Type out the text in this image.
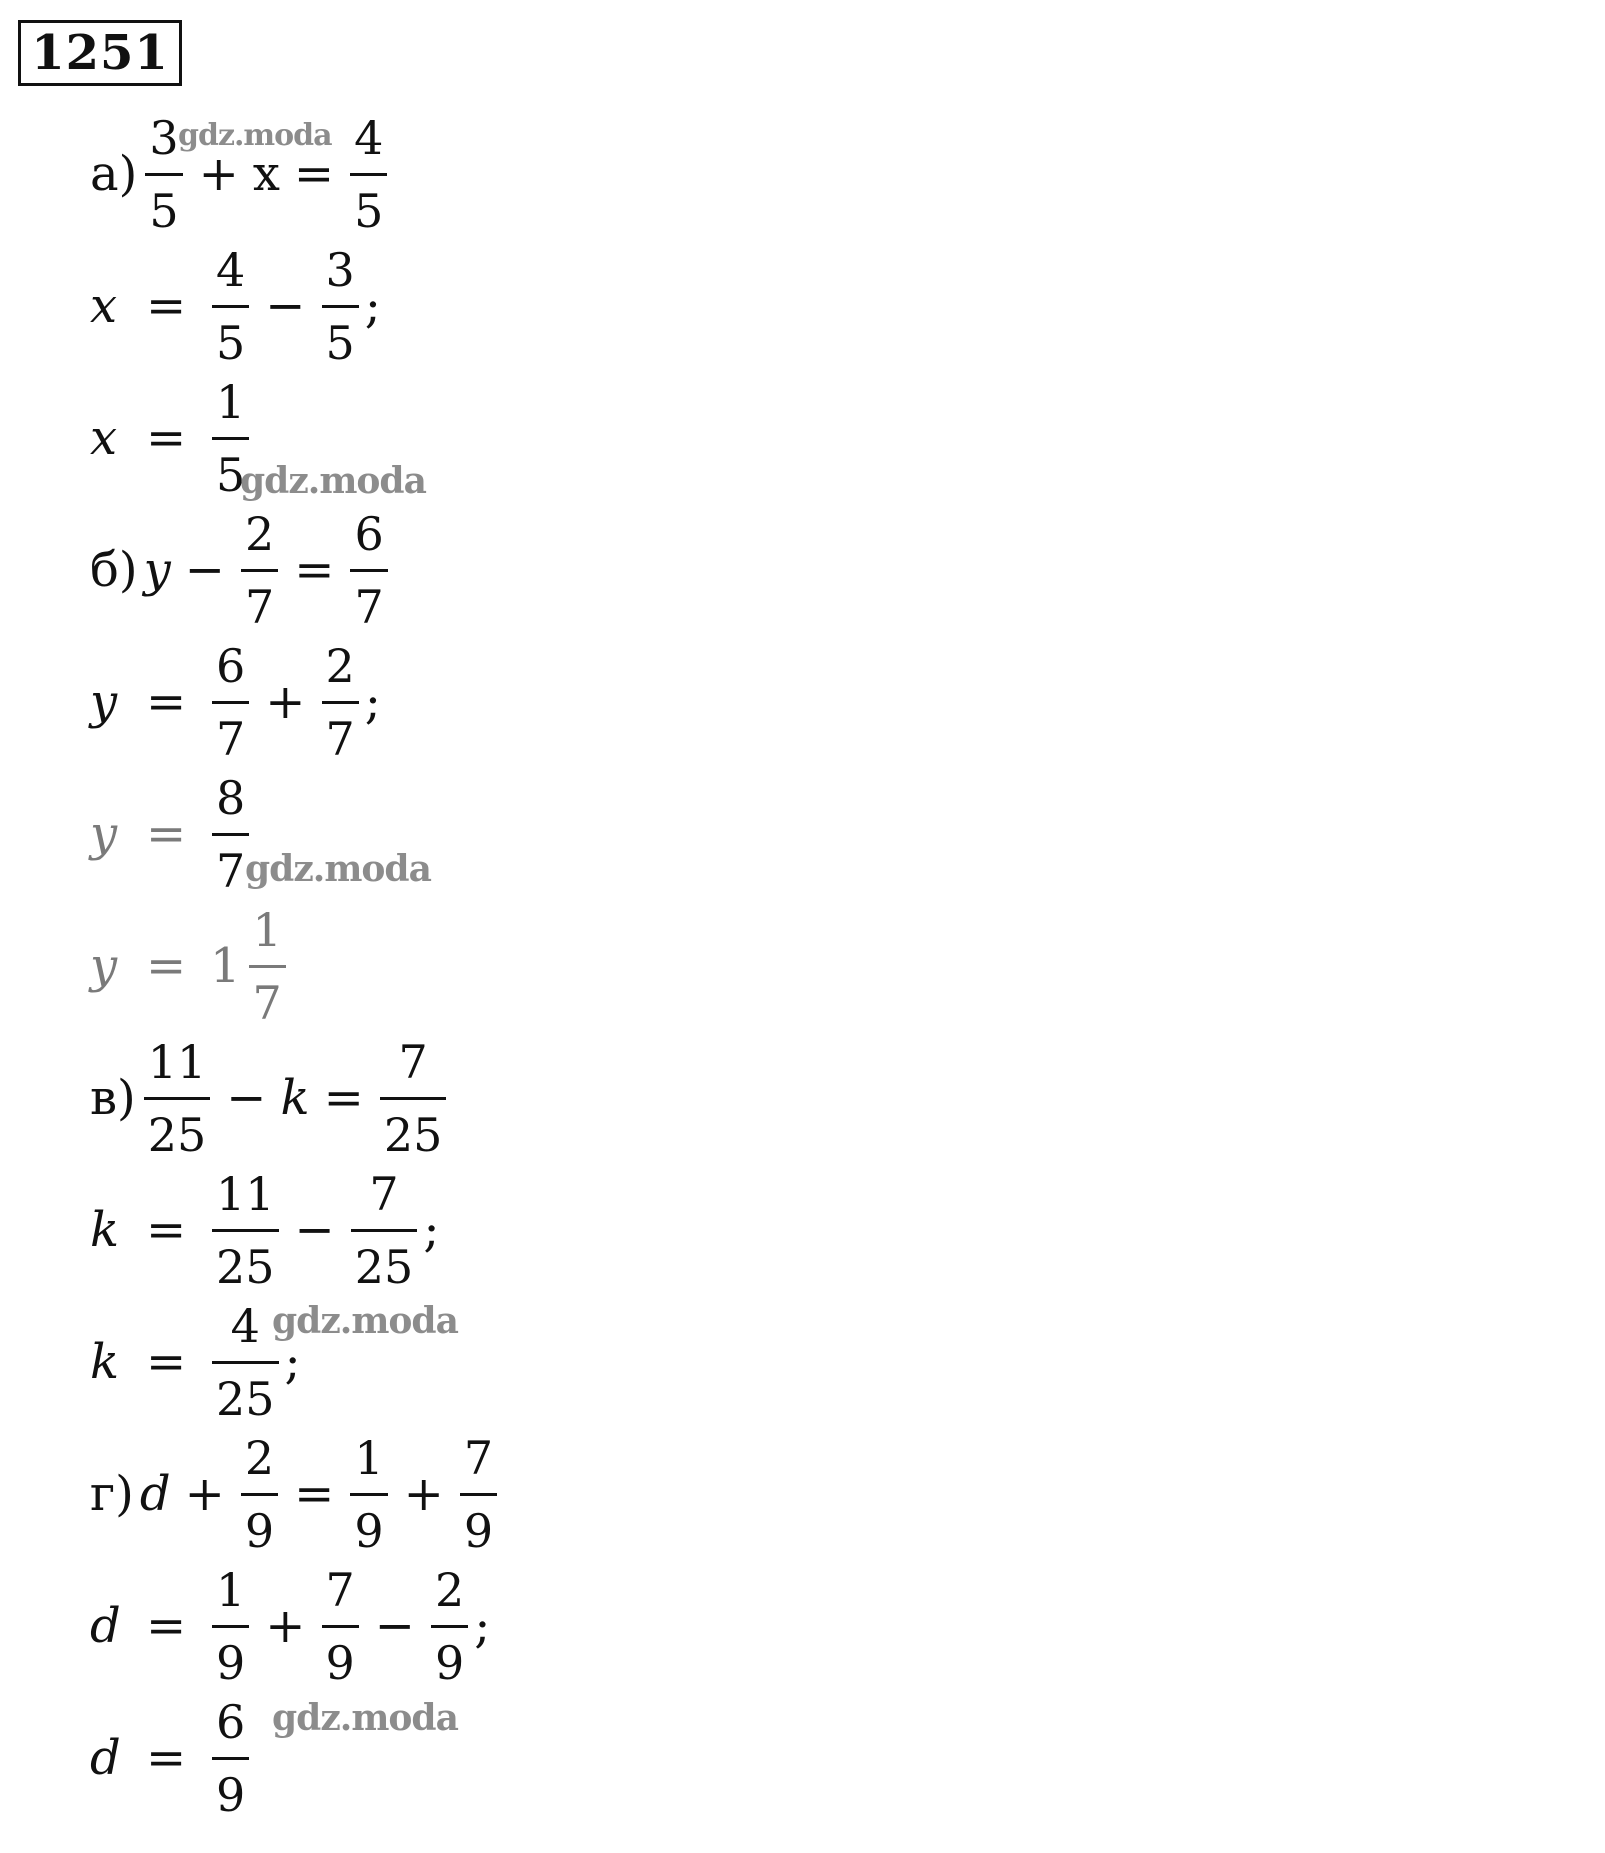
1251
$а) \frac{3}{5} + x = \frac{4}{5}$
$x = \frac{4}{5} - \frac{3}{5}$ ;
$x = \frac{1}{5}$
б) $y - \frac{2}{7} = \frac{6}{7}$
$y = \frac{6}{7} + \frac{2}{7}$ ;
$y = \frac{8}{7}$
$y = 1 \frac{1}{7}$
$в) \frac{11}{25} - k = \frac{7}{25}$
$k = \frac{11}{25} - \frac{7}{25}$ ;
$k = \frac{4}{25}$ ;
г) $d + \frac{2}{9} = \frac{1}{9} + \frac{7}{9}$
$d = \frac{1}{9} + \frac{7}{9} - \frac{2}{9}$ ;
$d = \frac{6}{9}$
gdz.moda
gdz.moda
gdz.moda
gdz.moda
gdz.moda
